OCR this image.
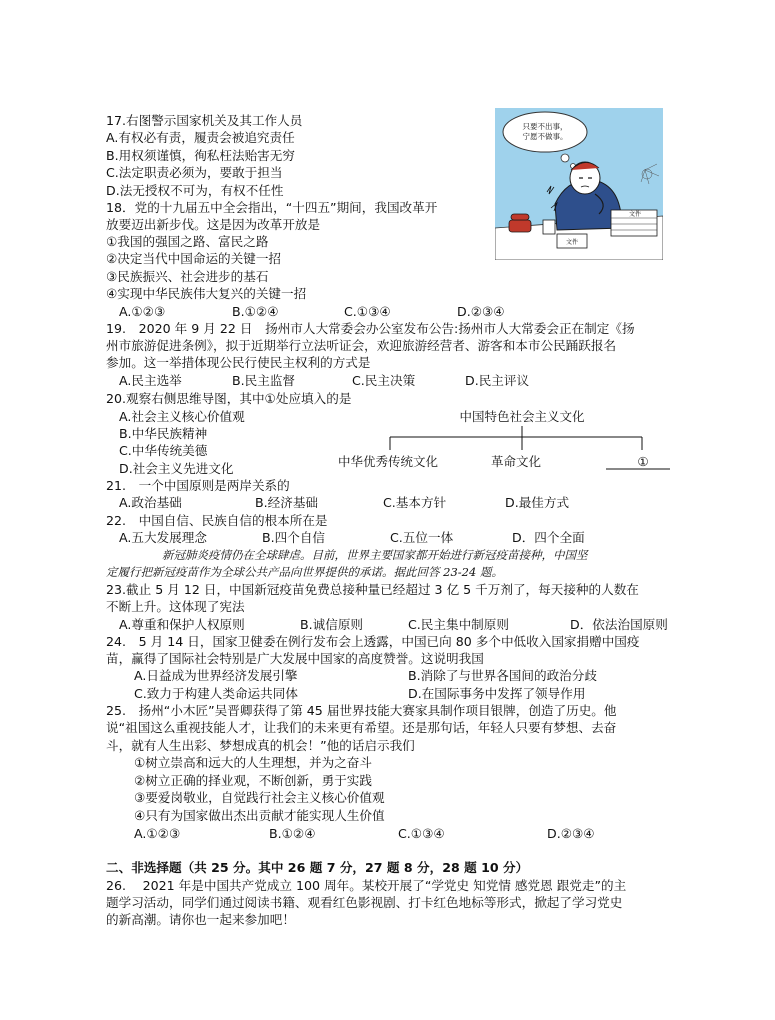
只要不出事，
宁愿不做事。
文件
文件
17.右图警示国家机关及其工作人员
A.有权必有责，履责会被追究责任
B.用权须谨慎，徇私枉法贻害无穷
C.法定职责必须为，要敢于担当
D.法无授权不可为，有权不任性
18．党的十九届五中全会指出，“十四五”期间，我国改革开
放要迈出新步伐。这是因为改革开放是
①我国的强国之路、富民之路
②决定当代中国命运的关键一招
③民族振兴、社会进步的基石
④实现中华民族伟大复兴的关键一招
A.①②③	B.①②④	C.①③④	D.②③④
19.　2020 年 9 月 22 日　扬州市人大常委会办公室发布公告:扬州市人大常委会正在制定《扬
州市旅游促进条例》，拟于近期举行立法听证会，欢迎旅游经营者、游客和本市公民踊跃报名
参加。这一举措体现公民行使民主权利的方式是
A.民主选举	B.民主监督	C.民主决策	D.民主评议
20.观察右侧思维导图，其中①处应填入的是
A.社会主义核心价值观
B.中华民族精神
C.中华传统美德
D.社会主义先进文化
中国特色社会主义文化
中华优秀传统文化	革命文化	①
21.　一个中国原则是两岸关系的
A.政治基础	B.经济基础	C.基本方针	D.最佳方式
22.　中国自信、民族自信的根本所在是
A.五大发展理念	B.四个自信	C.五位一体	D．四个全面
新冠肺炎疫情仍在全球肆虐。目前，世界主要国家都开始进行新冠疫苗接种，中国坚
定履行把新冠疫苗作为全球公共产品向世界提供的承诺。据此回答 23-24 题。
23.截止 5 月 12 日，中国新冠疫苗免费总接种量已经超过 3 亿 5 千万剂了，每天接种的人数在
不断上升。这体现了宪法
A.尊重和保护人权原则	B.诚信原则	C.民主集中制原则	D．依法治国原则
24.　5 月 14 日，国家卫健委在例行发布会上透露，中国已向 80 多个中低收入国家捐赠中国疫
苗，赢得了国际社会特别是广大发展中国家的高度赞誉。这说明我国
A.日益成为世界经济发展引擎	B.消除了与世界各国间的政治分歧
C.致力于构建人类命运共同体	D.在国际事务中发挥了领导作用
25.　扬州“小木匠”吴晋卿获得了第 45 届世界技能大赛家具制作项目银牌，创造了历史。他
说“祖国这么重视技能人才，让我们的未来更有希望。还是那句话，年轻人只要有梦想、去奋
斗，就有人生出彩、梦想成真的机会！”他的话启示我们
①树立崇高和远大的人生理想，并为之奋斗
②树立正确的择业观，不断创新，勇于实践
③要爱岗敬业，自觉践行社会主义核心价值观
④只有为国家做出杰出贡献才能实现人生价值
A.①②③	B.①②④	C.①③④	D.②③④
二、非选择题（共 25 分。其中 26 题 7 分，27 题 8 分，28 题 10 分）
26.　 2021 年是中国共产党成立 100 周年。某校开展了“学党史 知党情 感党恩 跟党走”的主
题学习活动，同学们通过阅读书籍、观看红色影视剧、打卡红色地标等形式，掀起了学习党史
的新高潮。请你也一起来参加吧！
